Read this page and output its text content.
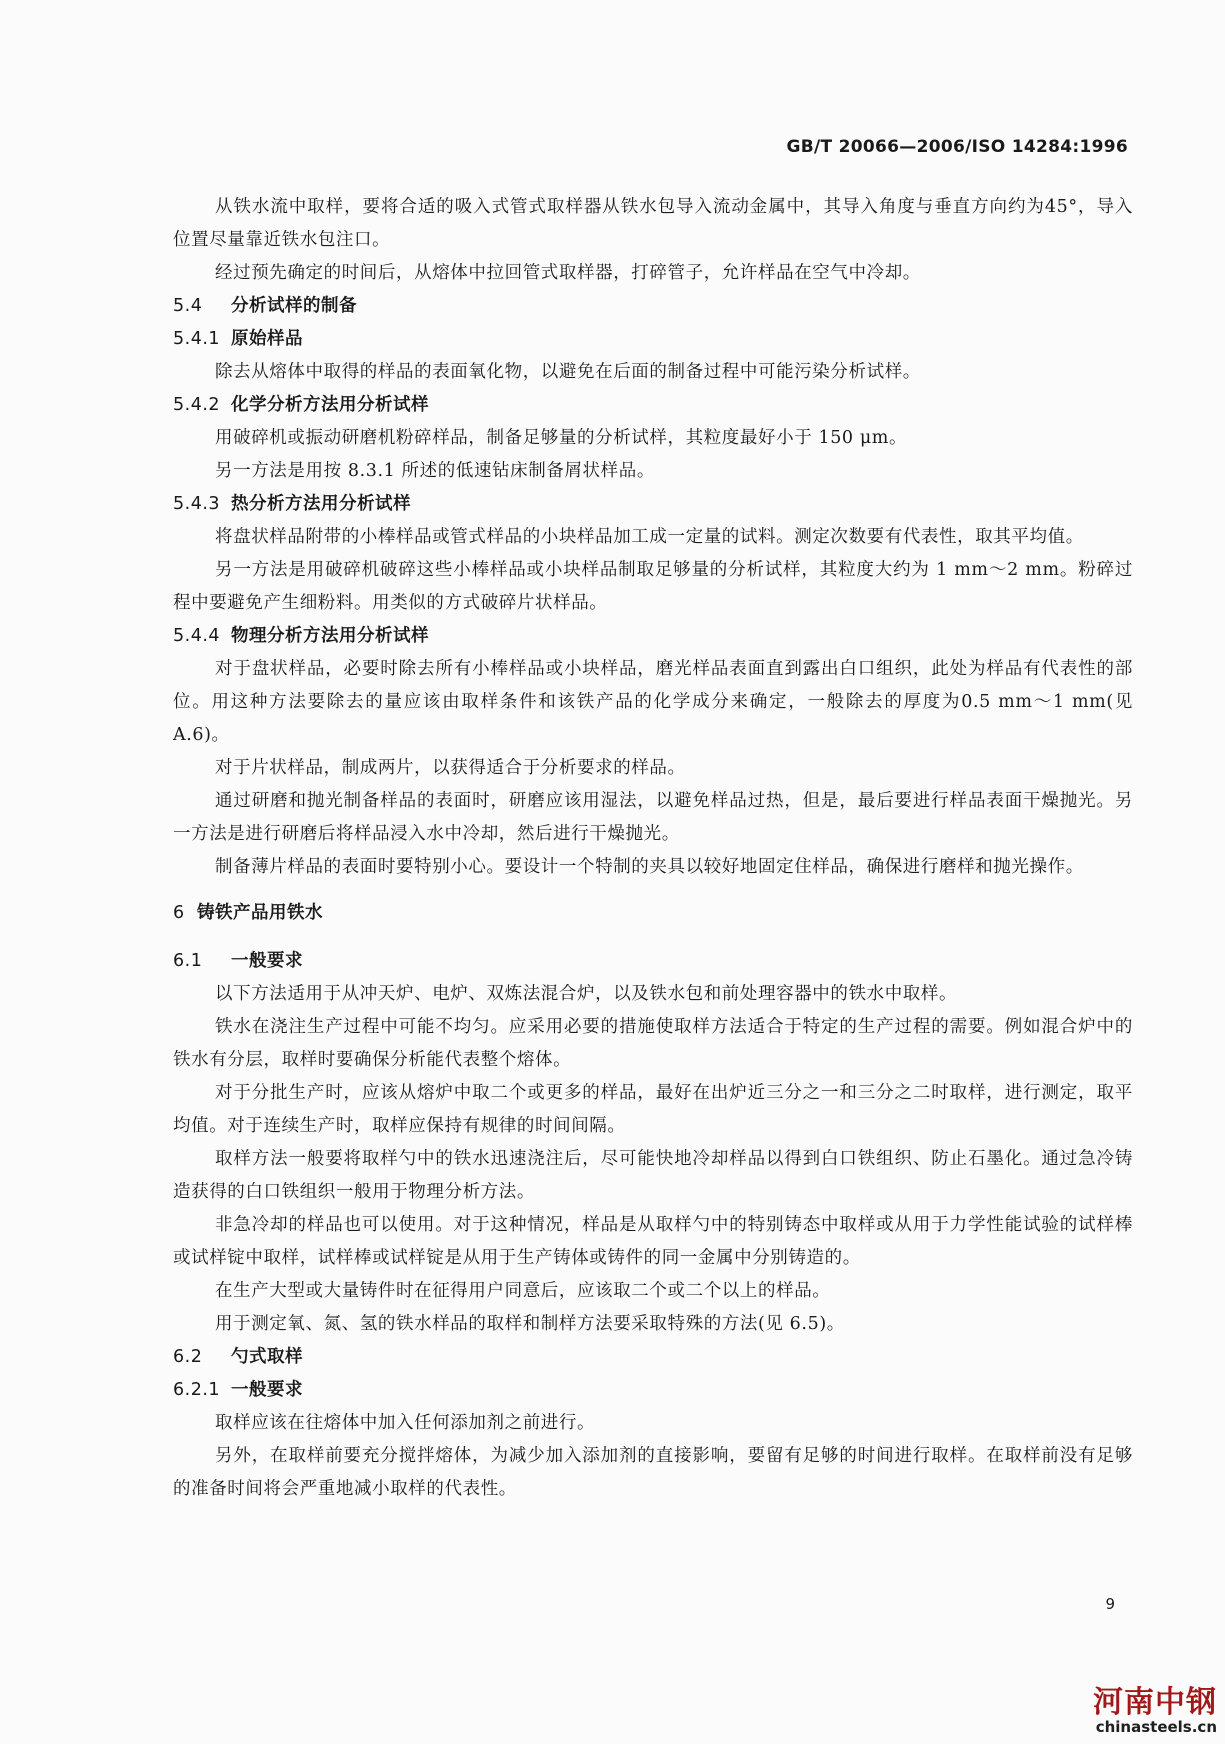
GB/T 20066—2006/ISO 14284:1996

从铁水流中取样，要将合适的吸入式管式取样器从铁水包导入流动金属中，其导入角度与垂直方向约为45°，导入位置尽量靠近铁水包注口。

经过预先确定的时间后，从熔体中拉回管式取样器，打碎管子，允许样品在空气中冷却。

5.4 分析试样的制备
5.4.1 原始样品

除去从熔体中取得的样品的表面氧化物，以避免在后面的制备过程中可能污染分析试样。

5.4.2 化学分析方法用分析试样

用破碎机或振动研磨机粉碎样品，制备足够量的分析试样，其粒度最好小于 150 μm。

另一方法是用按 8.3.1 所述的低速钻床制备屑状样品。

5.4.3 热分析方法用分析试样

将盘状样品附带的小棒样品或管式样品的小块样品加工成一定量的试料。测定次数要有代表性，取其平均值。

另一方法是用破碎机破碎这些小棒样品或小块样品制取足够量的分析试样，其粒度大约为 1 mm～2 mm。粉碎过程中要避免产生细粉料。用类似的方式破碎片状样品。

5.4.4 物理分析方法用分析试样

对于盘状样品，必要时除去所有小棒样品或小块样品，磨光样品表面直到露出白口组织，此处为样品有代表性的部位。用这种方法要除去的量应该由取样条件和该铁产品的化学成分来确定，一般除去的厚度为0.5 mm～1 mm(见 A.6)。

对于片状样品，制成两片，以获得适合于分析要求的样品。

通过研磨和抛光制备样品的表面时，研磨应该用湿法，以避免样品过热，但是，最后要进行样品表面干燥抛光。另一方法是进行研磨后将样品浸入水中冷却，然后进行干燥抛光。

制备薄片样品的表面时要特别小心。要设计一个特制的夹具以较好地固定住样品，确保进行磨样和抛光操作。

6 铸铁产品用铁水
6.1 一般要求

以下方法适用于从冲天炉、电炉、双炼法混合炉，以及铁水包和前处理容器中的铁水中取样。

铁水在浇注生产过程中可能不均匀。应采用必要的措施使取样方法适合于特定的生产过程的需要。例如混合炉中的铁水有分层，取样时要确保分析能代表整个熔体。

对于分批生产时，应该从熔炉中取二个或更多的样品，最好在出炉近三分之一和三分之二时取样，进行测定，取平均值。对于连续生产时，取样应保持有规律的时间间隔。

取样方法一般要将取样勺中的铁水迅速浇注后，尽可能快地冷却样品以得到白口铁组织、防止石墨化。通过急冷铸造获得的白口铁组织一般用于物理分析方法。

非急冷却的样品也可以使用。对于这种情况，样品是从取样勺中的特别铸态中取样或从用于力学性能试验的试样棒或试样锭中取样，试样棒或试样锭是从用于生产铸体或铸件的同一金属中分别铸造的。

在生产大型或大量铸件时在征得用户同意后，应该取二个或二个以上的样品。

用于测定氧、氮、氢的铁水样品的取样和制样方法要采取特殊的方法(见 6.5)。

6.2 勺式取样
6.2.1 一般要求

取样应该在往熔体中加入任何添加剂之前进行。

另外，在取样前要充分搅拌熔体，为减少加入添加剂的直接影响，要留有足够的时间进行取样。在取样前没有足够的准备时间将会严重地减小取样的代表性。

9
河南中钢
chinasteels.cn
